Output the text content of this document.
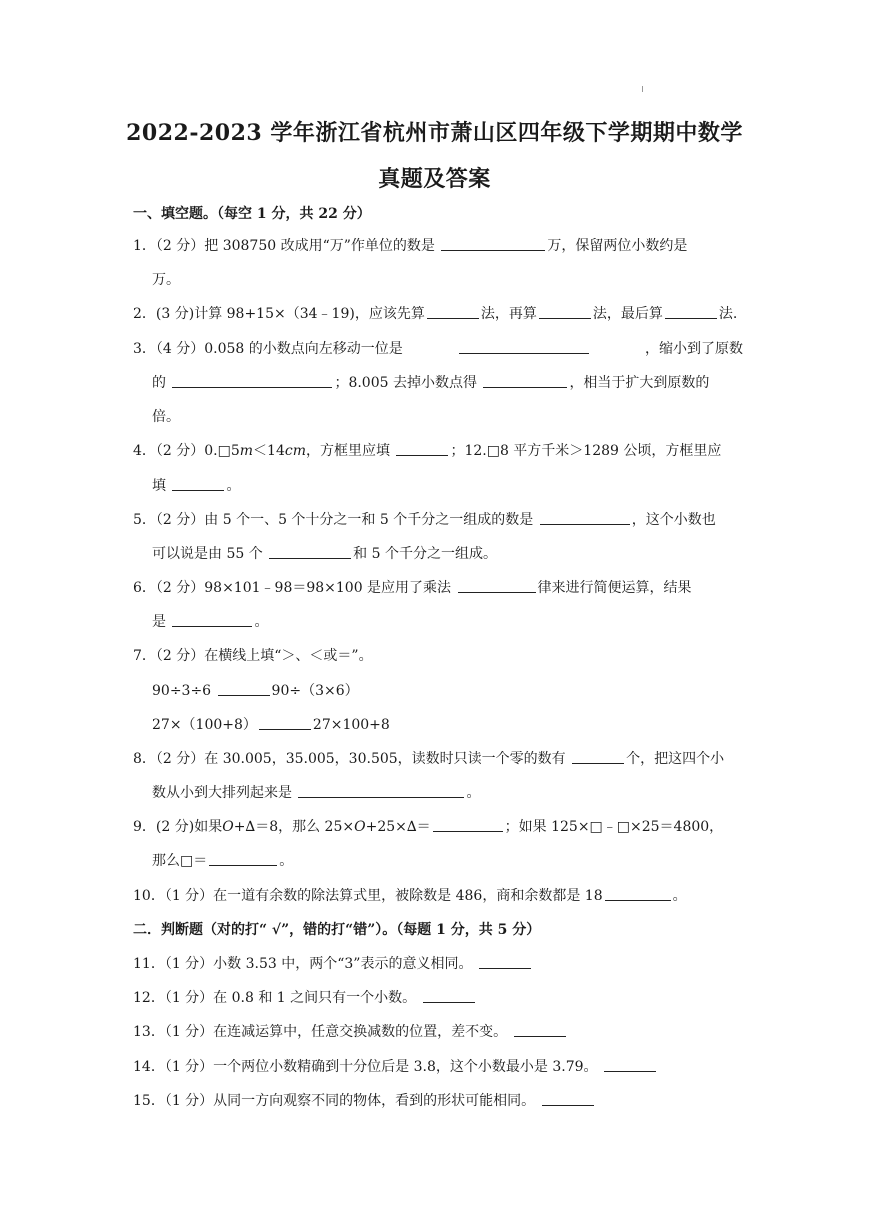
2022-2023 学年浙江省杭州市萧山区四年级下学期期中数学
真题及答案
一、填空题。（每空 1 分，共 22 分）
1．（2 分）把 308750 改成用“万”作单位的数是	万，保留两位小数约是
万。
2．(3 分)计算 98+15×（34﹣19)，应该先算	法，再算	法，最后算	法.
3．（4 分）0.058 的小数点向左移动一位是	，缩小到了原数
的	；8.005 去掉小数点得	，相当于扩大到原数的
倍。
4．（2 分）0.□5m＜14cm，方框里应填	；12.□8 平方千米＞1289 公顷，方框里应
填	。
5．（2 分）由 5 个一、5 个十分之一和 5 个千分之一组成的数是	，这个小数也
可以说是由 55 个	和 5 个千分之一组成。
6．（2 分）98×101﹣98＝98×100 是应用了乘法	律来进行简便运算，结果
是	。
7．（2 分）在横线上填“＞、＜或＝”。
90÷3÷6	90÷（3×6）
27×（100+8）	27×100+8
8．（2 分）在 30.005，35.005，30.505，读数时只读一个零的数有	个，把这四个小
数从小到大排列起来是	。
9．(2 分)如果O+∆＝8，那么 25×O+25×∆＝	；如果 125×□﹣□×25＝4800，
那么□＝	。
10．（1 分）在一道有余数的除法算式里，被除数是 486，商和余数都是 18	。
二．判断题（对的打“ √”，错的打“错”）。（每题 1 分，共 5 分）
11．（1 分）小数 3.53 中，两个“3”表示的意义相同。
12．（1 分）在 0.8 和 1 之间只有一个小数。
13．（1 分）在连减运算中，任意交换减数的位置，差不变。
14．（1 分）一个两位小数精确到十分位后是 3.8，这个小数最小是 3.79。
15．（1 分）从同一方向观察不同的物体，看到的形状可能相同。
